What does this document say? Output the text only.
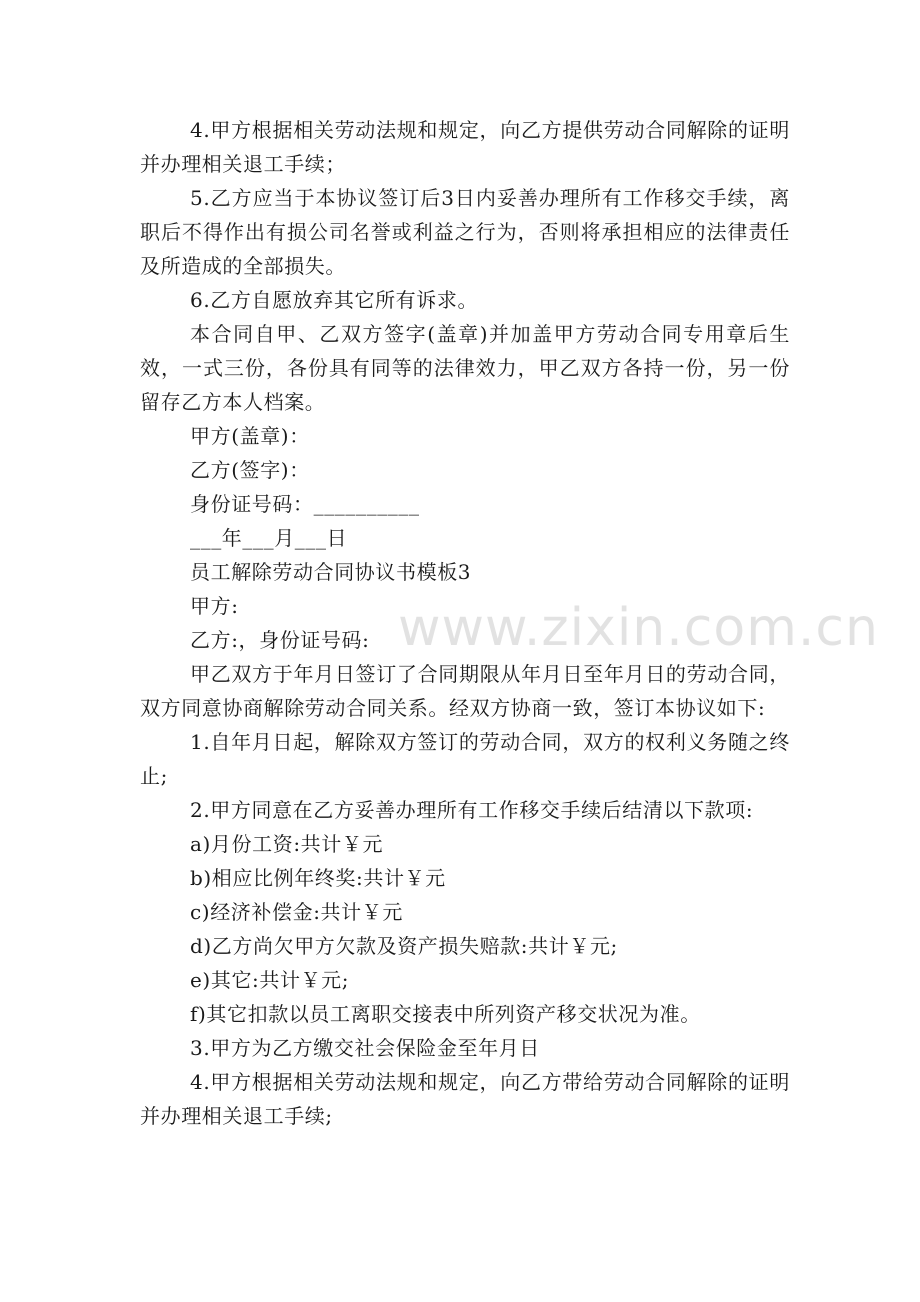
4.甲方根据相关劳动法规和规定，向乙方提供劳动合同解除的证明并办理相关退工手续；

5.乙方应当于本协议签订后3日内妥善办理所有工作移交手续，离职后不得作出有损公司名誉或利益之行为，否则将承担相应的法律责任及所造成的全部损失。

6.乙方自愿放弃其它所有诉求。

本合同自甲、乙双方签字(盖章)并加盖甲方劳动合同专用章后生效，一式三份，各份具有同等的法律效力，甲乙双方各持一份，另一份留存乙方本人档案。

甲方(盖章)：

乙方(签字)：

身份证号码：__________

___年___月___日

员工解除劳动合同协议书模板3

甲方:

乙方:，身份证号码:

甲乙双方于年月日签订了合同期限从年月日至年月日的劳动合同，双方同意协商解除劳动合同关系。经双方协商一致，签订本协议如下:

1.自年月日起，解除双方签订的劳动合同，双方的权利义务随之终止;

2.甲方同意在乙方妥善办理所有工作移交手续后结清以下款项:

a)月份工资:共计￥元

b)相应比例年终奖:共计￥元

c)经济补偿金:共计￥元

d)乙方尚欠甲方欠款及资产损失赔款:共计￥元;

e)其它:共计￥元;

f)其它扣款以员工离职交接表中所列资产移交状况为准。

3.甲方为乙方缴交社会保险金至年月日

4.甲方根据相关劳动法规和规定，向乙方带给劳动合同解除的证明并办理相关退工手续;

www.zixin.com.cn
